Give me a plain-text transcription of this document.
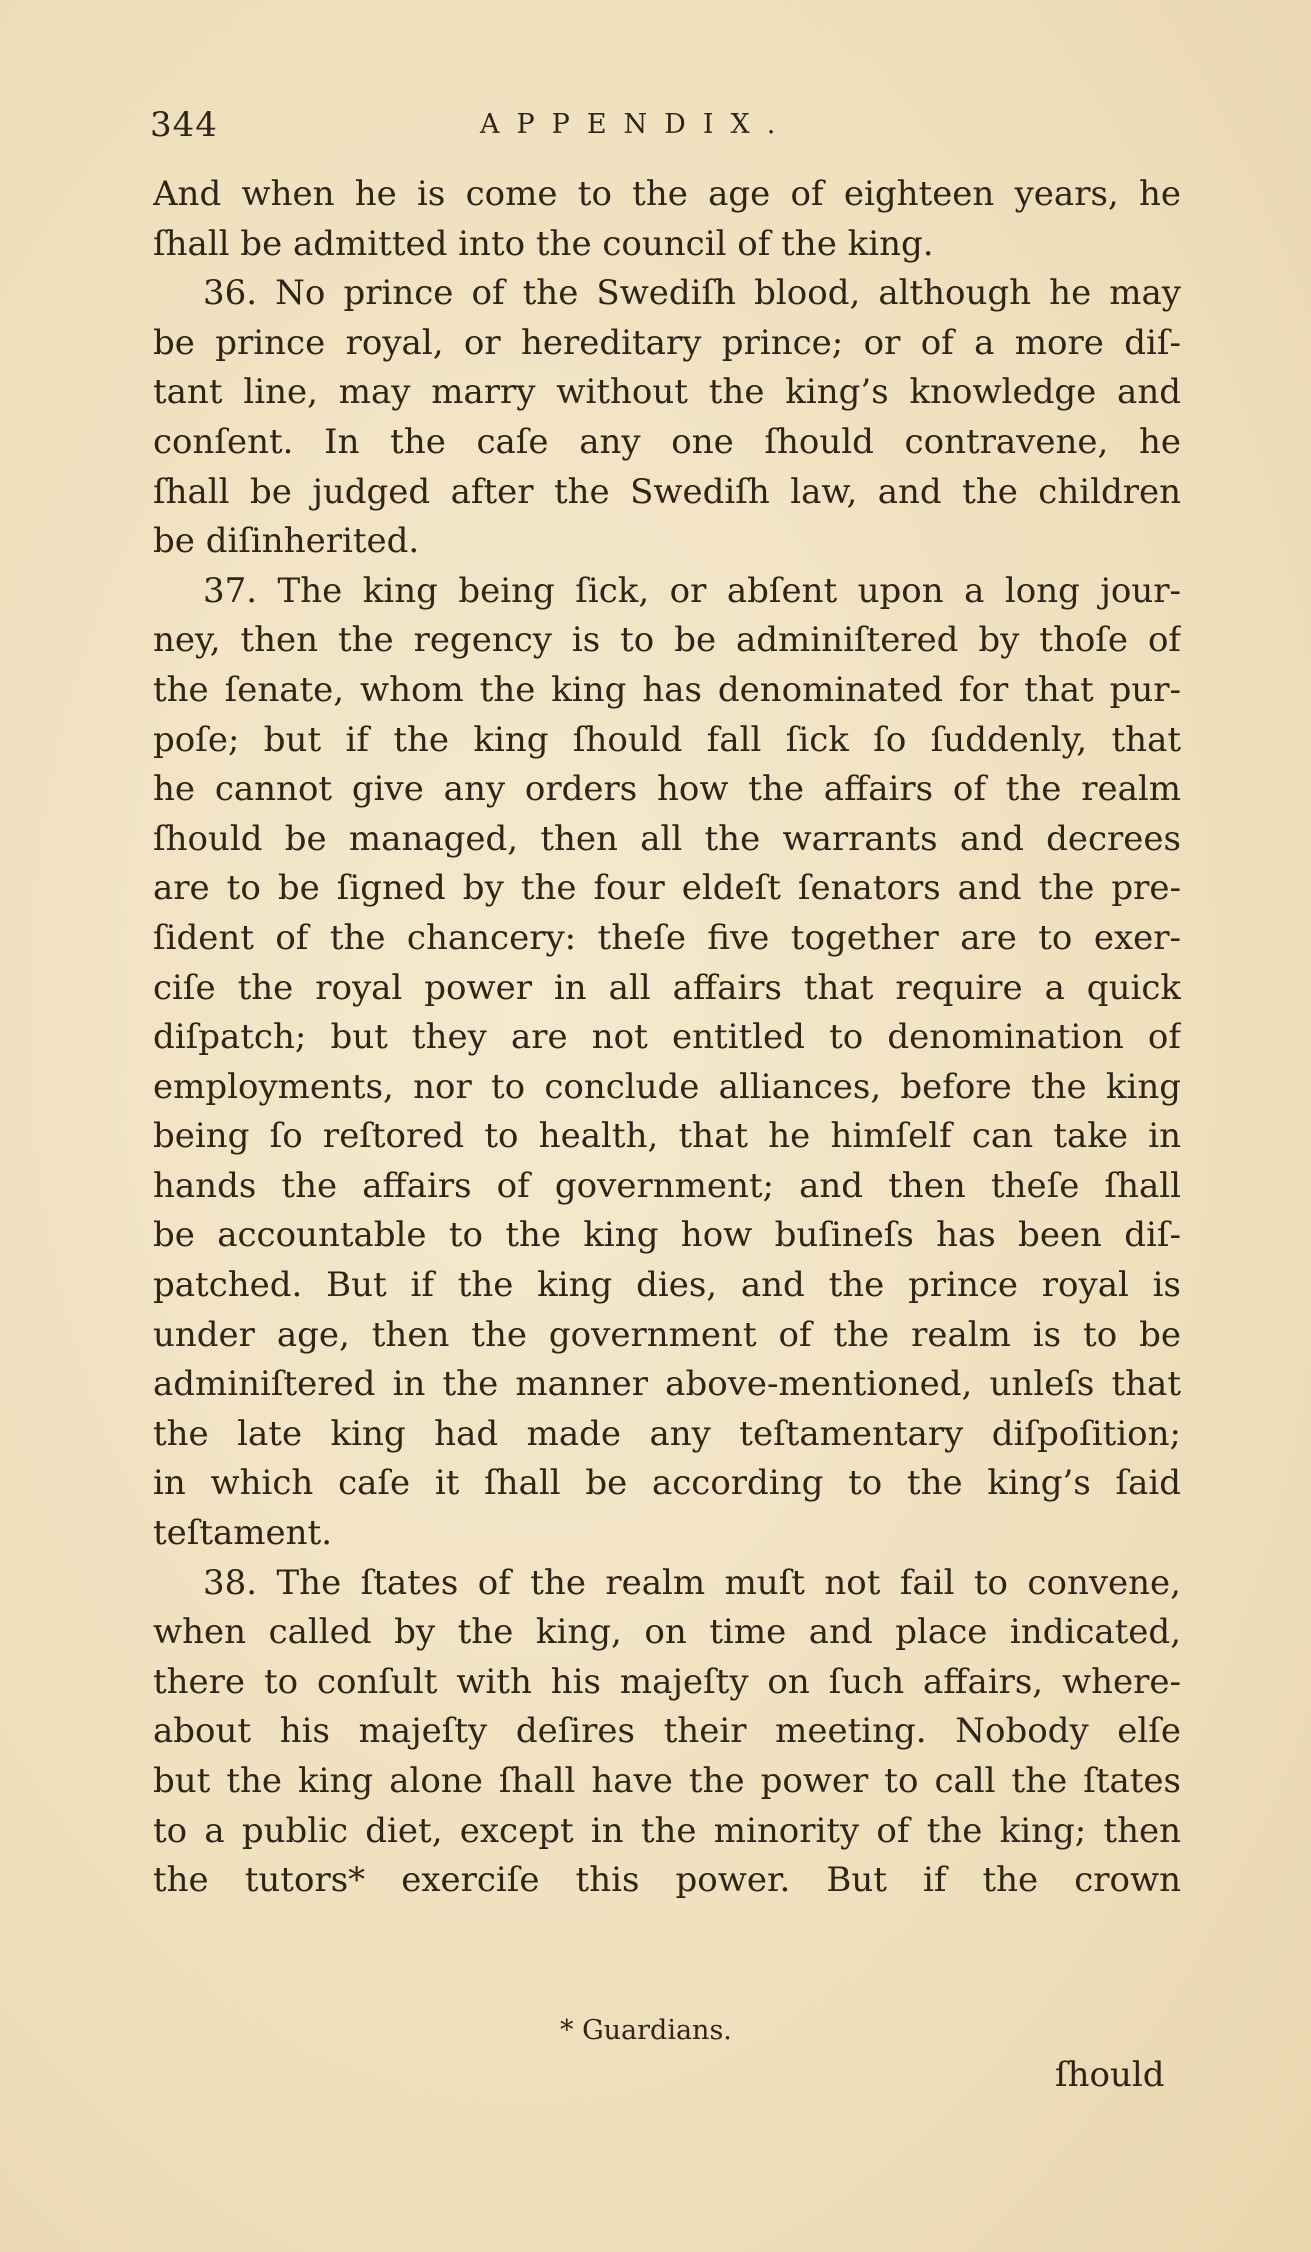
344	APPENDIX.
And when he is come to the age of eighteen years, he
ſhall be admitted into the council of the king.
36. No prince of the Swediſh blood, although he may
be prince royal, or hereditary prince; or of a more diſ-
tant line, may marry without the king’s knowledge and
conſent. In the caſe any one ſhould contravene, he
ſhall be judged after the Swediſh law, and the children
be diſinherited.
37. The king being ſick, or abſent upon a long jour-
ney, then the regency is to be adminiſtered by thoſe of
the ſenate, whom the king has denominated for that pur-
poſe; but if the king ſhould fall ſick ſo ſuddenly, that
he cannot give any orders how the affairs of the realm
ſhould be managed, then all the warrants and decrees
are to be ſigned by the four eldeſt ſenators and the pre-
ſident of the chancery: theſe five together are to exer-
ciſe the royal power in all affairs that require a quick
diſpatch; but they are not entitled to denomination of
employments, nor to conclude alliances, before the king
being ſo reſtored to health, that he himſelf can take in
hands the affairs of government; and then theſe ſhall
be accountable to the king how buſineſs has been diſ-
patched. But if the king dies, and the prince royal is
under age, then the government of the realm is to be
adminiſtered in the manner above-mentioned, unleſs that
the late king had made any teſtamentary diſpoſition;
in which caſe it ſhall be according to the king’s ſaid
teſtament.
38. The ſtates of the realm muſt not fail to convene,
when called by the king, on time and place indicated,
there to conſult with his majeſty on ſuch affairs, where-
about his majeſty deſires their meeting. Nobody elſe
but the king alone ſhall have the power to call the ſtates
to a public diet, except in the minority of the king; then
the tutors* exerciſe this power. But if the crown
* Guardians.
ſhould
